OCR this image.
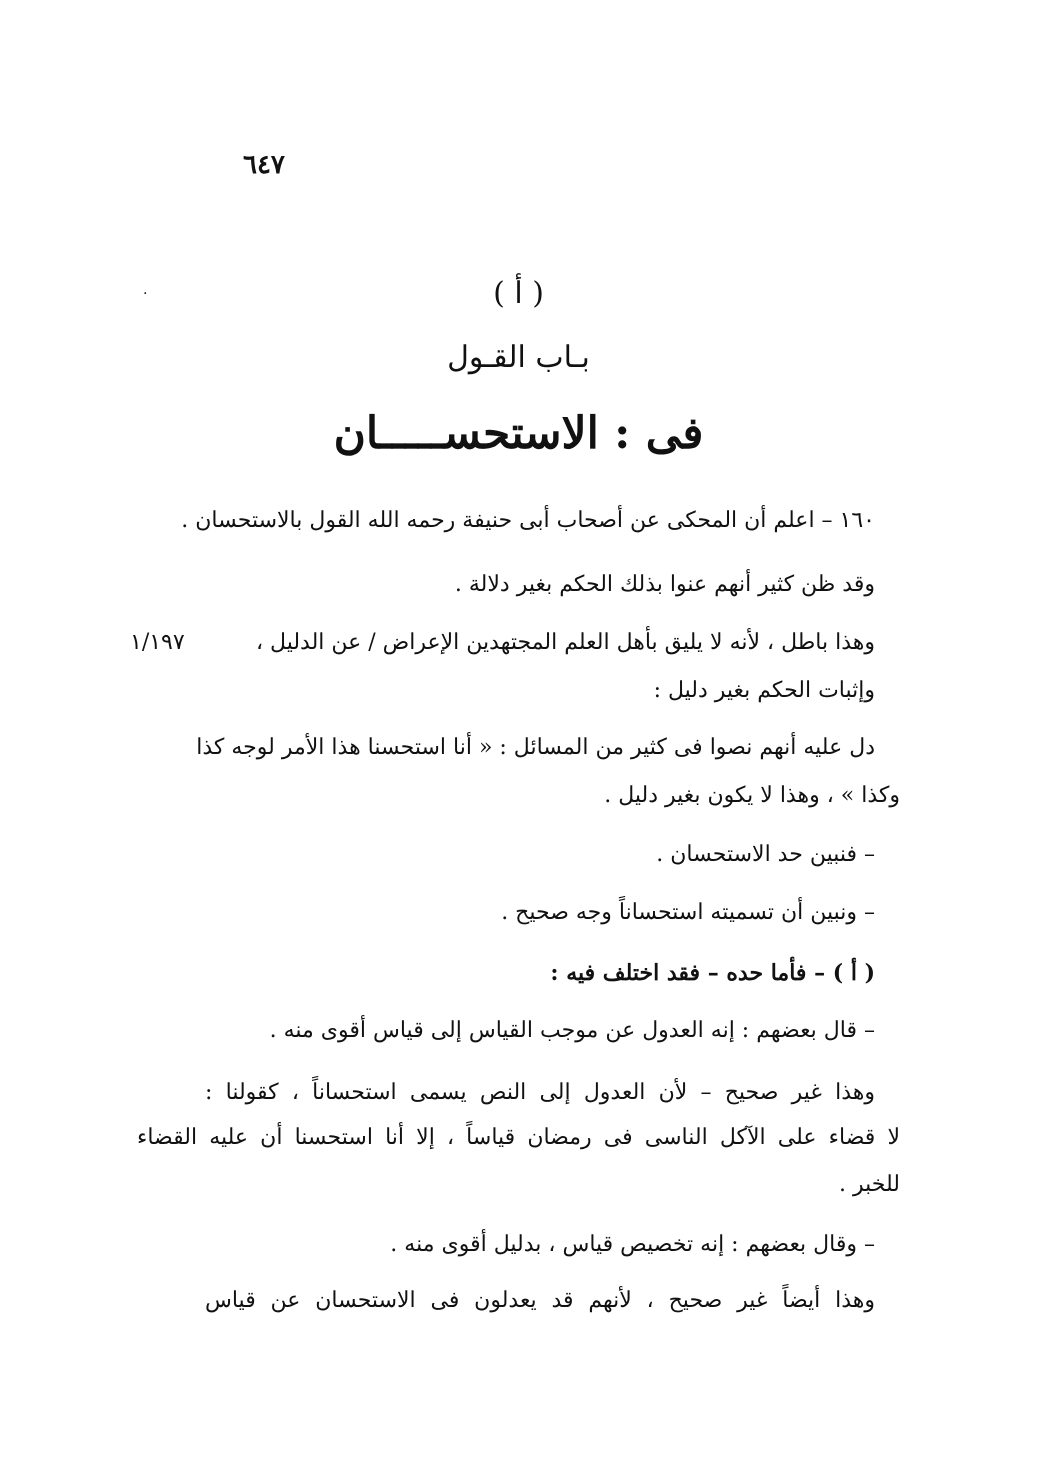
٦٤٧
.	( أ )
بـاب القـول
فى : الاستحســـــان
١٦٠ – اعلم أن المحكى عن أصحاب أبى حنيفة رحمه الله القول بالاستحسان .
وقد ظن كثير أنهم عنوا بذلك الحكم بغير دلالة .
وهذا باطل ، لأنه لا يليق بأهل العلم المجتهدين الإعراض / عن الدليل ،
١/١٩٧
وإثبات الحكم بغير دليل :
دل عليه أنهم نصوا فى كثير من المسائل : « أنا استحسنا هذا الأمر لوجه كذا
وكذا » ، وهذا لا يكون بغير دليل .
– فنبين حد الاستحسان .
– ونبين أن تسميته استحساناً وجه صحيح .
( أ ) – فأما حده – فقد اختلف فيه :
– قال بعضهم : إنه العدول عن موجب القياس إلى قياس أقوى منه .
وهذا غير صحيح – لأن العدول إلى النص يسمى استحساناً ، كقولنا :
لا قضاء على الآكل الناسى فى رمضان قياساً ، إلا أنا استحسنا أن عليه القضاء
للخبر .
– وقال بعضهم : إنه تخصيص قياس ، بدليل أقوى منه .
وهذا أيضاً غير صحيح ، لأنهم قد يعدلون فى الاستحسان عن قياس
